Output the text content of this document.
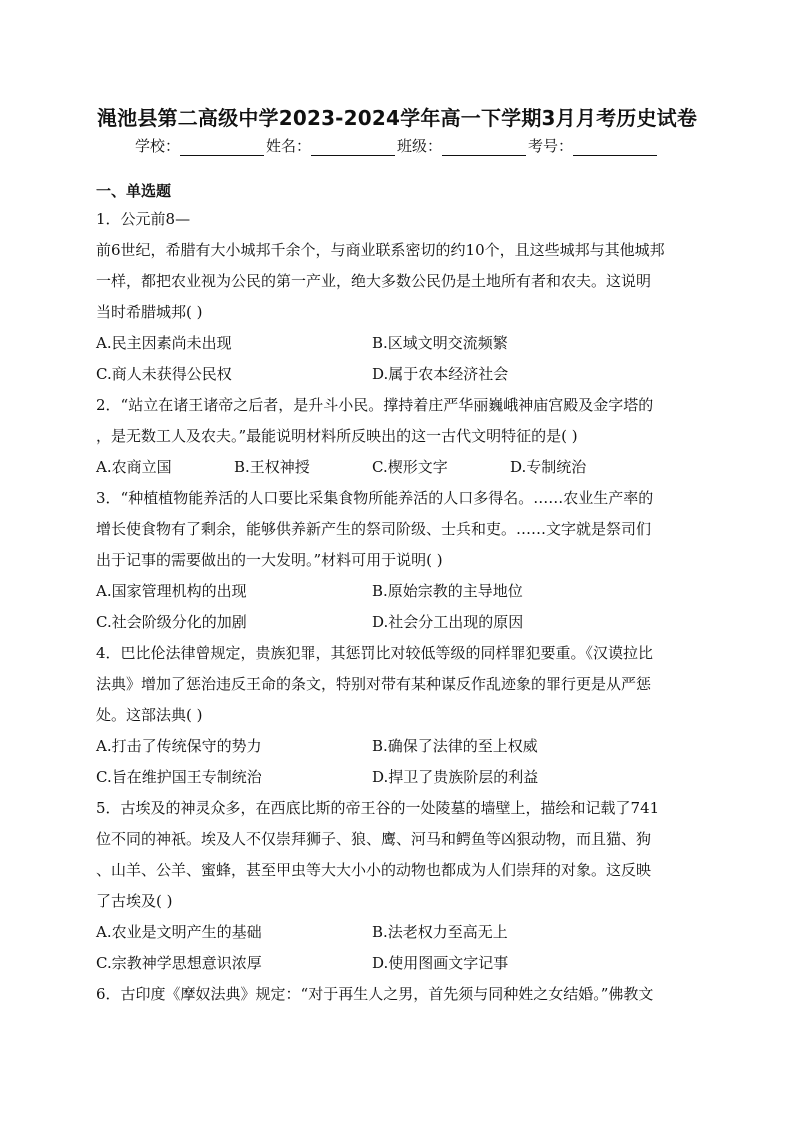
渑池县第二高级中学2023-2024学年高一下学期3月月考历史试卷
学校：	姓名：	班级：	考号：
一、单选题

1．公元前8—

前6世纪，希腊有大小城邦千余个，与商业联系密切的约10个，且这些城邦与其他城邦

一样，都把农业视为公民的第一产业，绝大多数公民仍是土地所有者和农夫。这说明

当时希腊城邦( )

A.民主因素尚未出现	B.区域文明交流频繁
C.商人未获得公民权	D.属于农本经济社会

2．“站立在诸王诸帝之后者，是升斗小民。撑持着庄严华丽巍峨神庙宫殿及金字塔的

，是无数工人及农夫。”最能说明材料所反映出的这一古代文明特征的是( )

A.农商立国	B.王权神授	C.楔形文字	D.专制统治

3．“种植植物能养活的人口要比采集食物所能养活的人口多得名。……农业生产率的

增长使食物有了剩余，能够供养新产生的祭司阶级、士兵和吏。……文字就是祭司们

出于记事的需要做出的一大发明。”材料可用于说明( )

A.国家管理机构的出现	B.原始宗教的主导地位
C.社会阶级分化的加剧	D.社会分工出现的原因

4．巴比伦法律曾规定，贵族犯罪，其惩罚比对较低等级的同样罪犯要重。《汉谟拉比

法典》增加了惩治违反王命的条文，特别对带有某种谋反作乱迹象的罪行更是从严惩

处。这部法典( )

A.打击了传统保守的势力	B.确保了法律的至上权威
C.旨在维护国王专制统治	D.捍卫了贵族阶层的利益

5．古埃及的神灵众多，在西底比斯的帝王谷的一处陵墓的墙壁上，描绘和记载了741

位不同的神祇。埃及人不仅崇拜狮子、狼、鹰、河马和鳄鱼等凶狠动物，而且猫、狗

、山羊、公羊、蜜蜂，甚至甲虫等大大小小的动物也都成为人们崇拜的对象。这反映

了古埃及( )

A.农业是文明产生的基础	B.法老权力至高无上
C.宗教神学思想意识浓厚	D.使用图画文字记事

6．古印度《摩奴法典》规定：“对于再生人之男，首先须与同种姓之女结婚。”佛教文
